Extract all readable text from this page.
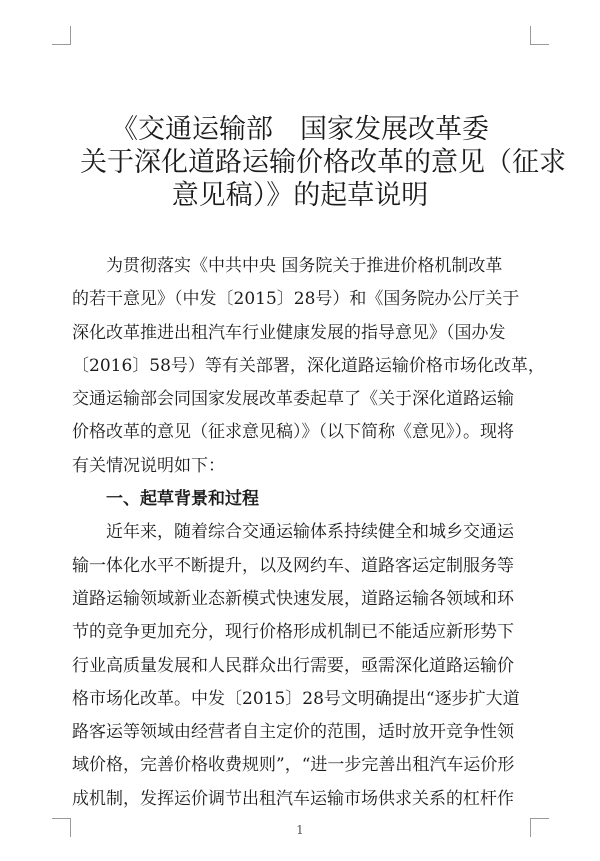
《交通运输部　国家发展改革委
关于深化道路运输价格改革的意见（征求
意见稿）》的起草说明
　　为贯彻落实《中共中央 国务院关于推进价格机制改革
的若干意见》（中发〔2015〕28号）和《国务院办公厅关于
深化改革推进出租汽车行业健康发展的指导意见》（国办发
〔2016〕58号）等有关部署，深化道路运输价格市场化改革，
交通运输部会同国家发展改革委起草了《关于深化道路运输
价格改革的意见（征求意见稿）》（以下简称《意见》）。现将
有关情况说明如下：
　　一、起草背景和过程
　　近年来，随着综合交通运输体系持续健全和城乡交通运
输一体化水平不断提升，以及网约车、道路客运定制服务等
道路运输领域新业态新模式快速发展，道路运输各领域和环
节的竞争更加充分，现行价格形成机制已不能适应新形势下
行业高质量发展和人民群众出行需要，亟需深化道路运输价
格市场化改革。中发〔2015〕28号文明确提出“逐步扩大道
路客运等领域由经营者自主定价的范围，适时放开竞争性领
域价格，完善价格收费规则”，“进一步完善出租汽车运价形
成机制，发挥运价调节出租汽车运输市场供求关系的杠杆作
1
